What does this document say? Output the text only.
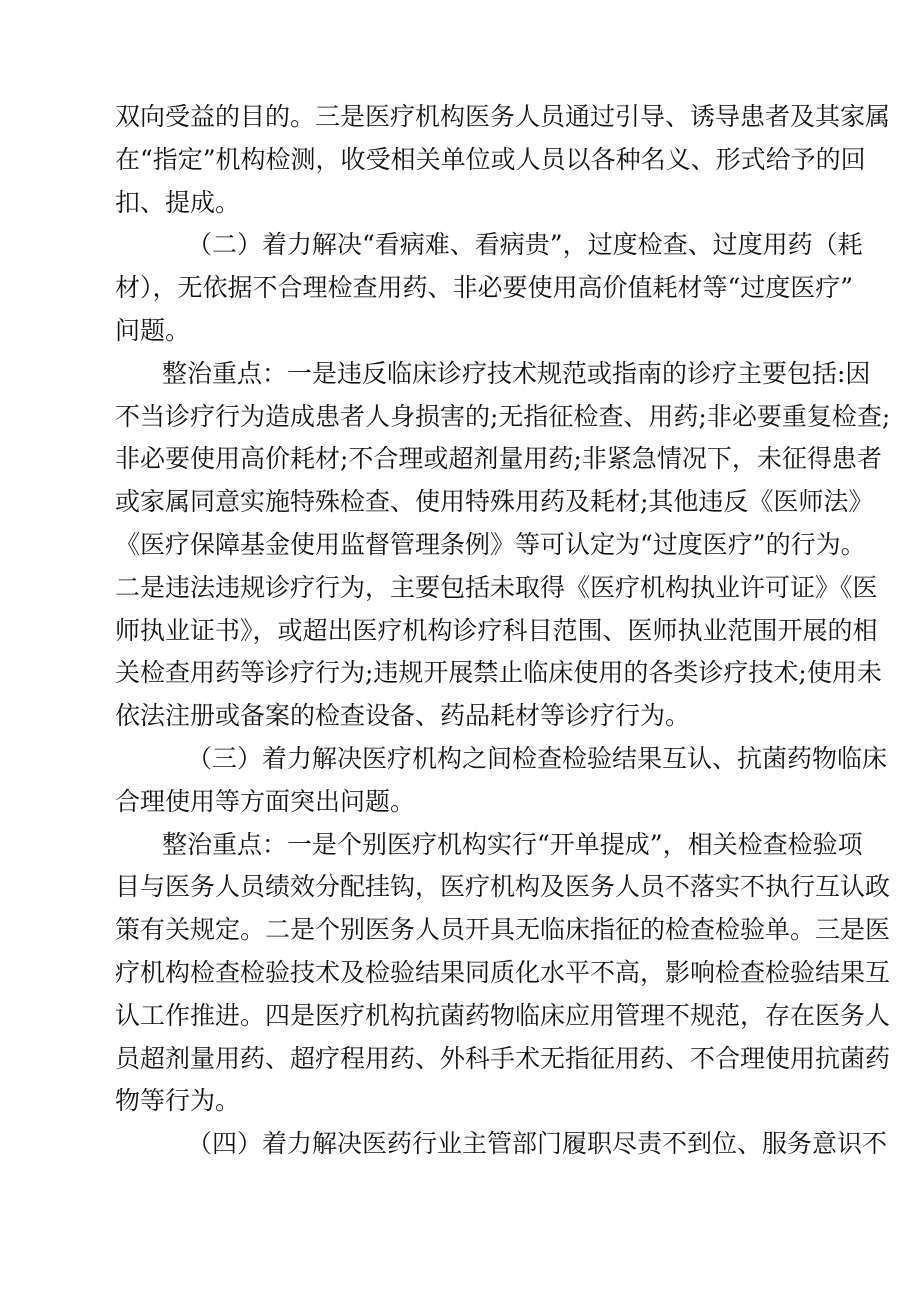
双向受益的目的。三是医疗机构医务人员通过引导、诱导患者及其家属
在“指定”机构检测，收受相关单位或人员以各种名义、形式给予的回
扣、提成。
（二）着力解决“看病难、看病贵”，过度检查、过度用药（耗
材），无依据不合理检查用药、非必要使用高价值耗材等“过度医疗”
问题。
整治重点：一是违反临床诊疗技术规范或指南的诊疗主要包括:因
不当诊疗行为造成患者人身损害的;无指征检查、用药;非必要重复检查;
非必要使用高价耗材;不合理或超剂量用药;非紧急情况下，未征得患者
或家属同意实施特殊检查、使用特殊用药及耗材;其他违反《医师法》
《医疗保障基金使用监督管理条例》等可认定为“过度医疗”的行为。
二是违法违规诊疗行为，主要包括未取得《医疗机构执业许可证》《医
师执业证书》，或超出医疗机构诊疗科目范围、医师执业范围开展的相
关检查用药等诊疗行为;违规开展禁止临床使用的各类诊疗技术;使用未
依法注册或备案的检查设备、药品耗材等诊疗行为。
（三）着力解决医疗机构之间检查检验结果互认、抗菌药物临床
合理使用等方面突出问题。
整治重点：一是个别医疗机构实行“开单提成”，相关检查检验项
目与医务人员绩效分配挂钩，医疗机构及医务人员不落实不执行互认政
策有关规定。二是个别医务人员开具无临床指征的检查检验单。三是医
疗机构检查检验技术及检验结果同质化水平不高，影响检查检验结果互
认工作推进。四是医疗机构抗菌药物临床应用管理不规范，存在医务人
员超剂量用药、超疗程用药、外科手术无指征用药、不合理使用抗菌药
物等行为。
（四）着力解决医药行业主管部门履职尽责不到位、服务意识不
